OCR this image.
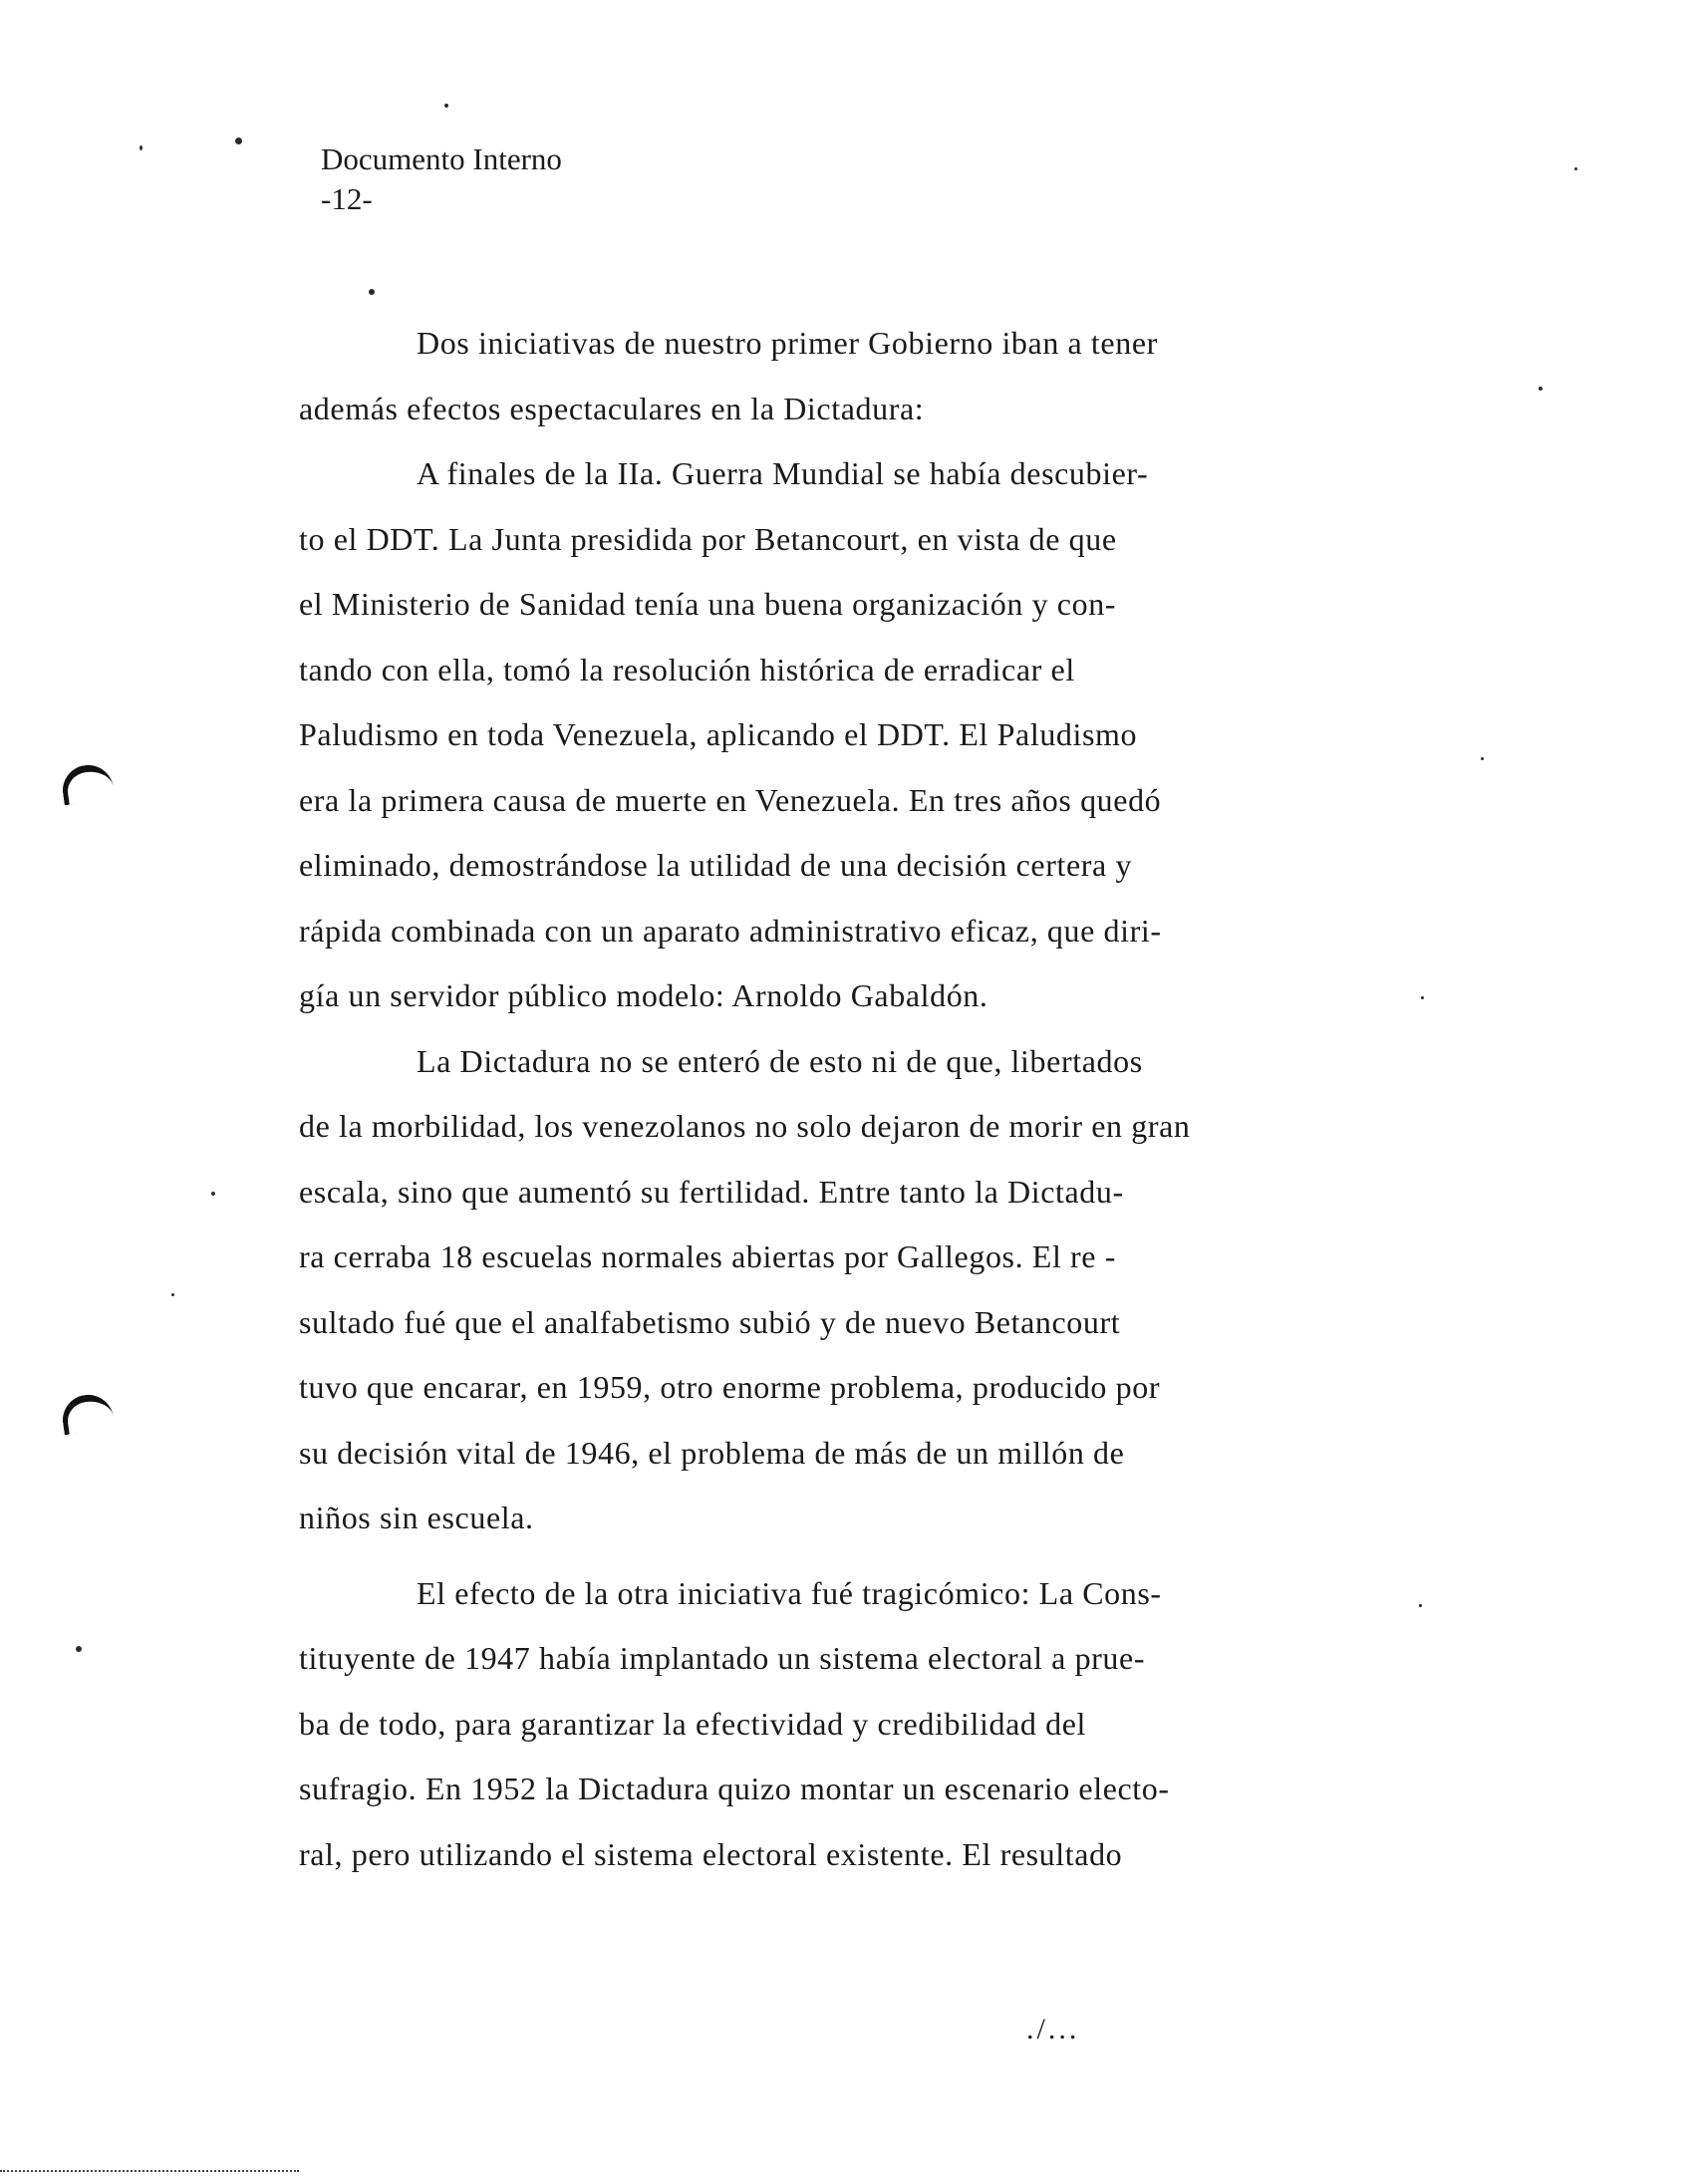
Documento Interno
-12-
Dos iniciativas de nuestro primer Gobierno iban a tener
además efectos espectaculares en la Dictadura:
A finales de la IIa. Guerra Mundial se había descubier-
to el DDT. La Junta presidida por Betancourt, en vista de que
el Ministerio de Sanidad tenía una buena organización y con-
tando con ella, tomó la resolución histórica de erradicar el
Paludismo en toda Venezuela, aplicando el DDT. El Paludismo
era la primera causa de muerte en Venezuela. En tres años quedó
eliminado, demostrándose la utilidad de una decisión certera y
rápida combinada con un aparato administrativo eficaz, que diri-
gía un servidor público modelo: Arnoldo Gabaldón.
La Dictadura no se enteró de esto ni de que, libertados
de la morbilidad, los venezolanos no solo dejaron de morir en gran
escala, sino que aumentó su fertilidad. Entre tanto la Dictadu-
ra cerraba 18 escuelas normales abiertas por Gallegos. El re -
sultado fué que el analfabetismo subió y de nuevo Betancourt
tuvo que encarar, en 1959, otro enorme problema, producido por
su decisión vital de 1946, el problema de más de un millón de
niños sin escuela.
El efecto de la otra iniciativa fué tragicómico: La Cons-
tituyente de 1947 había implantado un sistema electoral a prue-
ba de todo, para garantizar la efectividad y credibilidad del
sufragio. En 1952 la Dictadura quizo montar un escenario electo-
ral, pero utilizando el sistema electoral existente. El resultado
./...
